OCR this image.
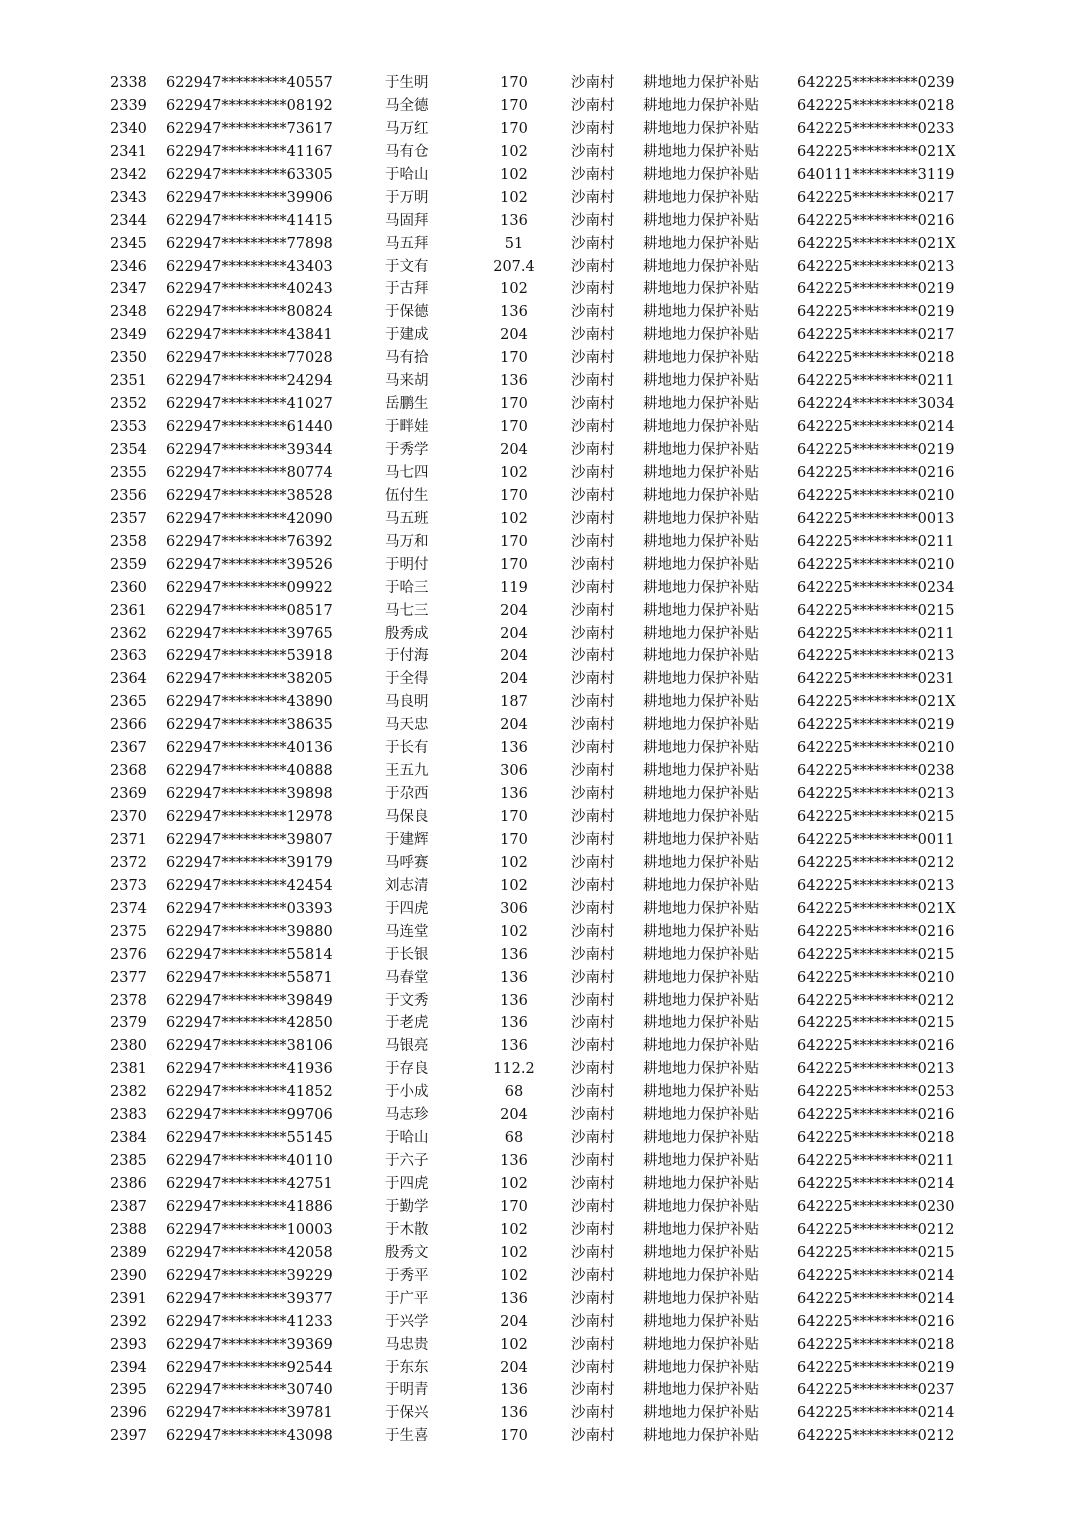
2338 622947*********40557	于生明	170	沙南村 耕地地力保护补贴	642225*********0239
2339 622947*********08192	马全德	170	沙南村 耕地地力保护补贴	642225*********0218
2340 622947*********73617	马万红	170	沙南村 耕地地力保护补贴	642225*********0233
2341 622947*********41167	马有仓	102	沙南村 耕地地力保护补贴	642225*********021X
2342 622947*********63305	于哈山	102	沙南村 耕地地力保护补贴	640111*********3119
2343 622947*********39906	于万明	102	沙南村 耕地地力保护补贴	642225*********0217
2344 622947*********41415	马固拜	136	沙南村 耕地地力保护补贴	642225*********0216
2345 622947*********77898	马五拜	51	沙南村 耕地地力保护补贴	642225*********021X
2346 622947*********43403	于文有	207.4	沙南村 耕地地力保护补贴	642225*********0213
2347 622947*********40243	于古拜	102	沙南村 耕地地力保护补贴	642225*********0219
2348 622947*********80824	于保德	136	沙南村 耕地地力保护补贴	642225*********0219
2349 622947*********43841	于建成	204	沙南村 耕地地力保护补贴	642225*********0217
2350 622947*********77028	马有拾	170	沙南村 耕地地力保护补贴	642225*********0218
2351 622947*********24294	马来胡	136	沙南村 耕地地力保护补贴	642225*********0211
2352 622947*********41027	岳鹏生	170	沙南村 耕地地力保护补贴	642224*********3034
2353 622947*********61440	于畔娃	170	沙南村 耕地地力保护补贴	642225*********0214
2354 622947*********39344	于秀学	204	沙南村 耕地地力保护补贴	642225*********0219
2355 622947*********80774	马七四	102	沙南村 耕地地力保护补贴	642225*********0216
2356 622947*********38528	伍付生	170	沙南村 耕地地力保护补贴	642225*********0210
2357 622947*********42090	马五班	102	沙南村 耕地地力保护补贴	642225*********0013
2358 622947*********76392	马万和	170	沙南村 耕地地力保护补贴	642225*********0211
2359 622947*********39526	于明付	170	沙南村 耕地地力保护补贴	642225*********0210
2360 622947*********09922	于哈三	119	沙南村 耕地地力保护补贴	642225*********0234
2361 622947*********08517	马七三	204	沙南村 耕地地力保护补贴	642225*********0215
2362 622947*********39765	殷秀成	204	沙南村 耕地地力保护补贴	642225*********0211
2363 622947*********53918	于付海	204	沙南村 耕地地力保护补贴	642225*********0213
2364 622947*********38205	于全得	204	沙南村 耕地地力保护补贴	642225*********0231
2365 622947*********43890	马良明	187	沙南村 耕地地力保护补贴	642225*********021X
2366 622947*********38635	马天忠	204	沙南村 耕地地力保护补贴	642225*********0219
2367 622947*********40136	于长有	136	沙南村 耕地地力保护补贴	642225*********0210
2368 622947*********40888	王五九	306	沙南村 耕地地力保护补贴	642225*********0238
2369 622947*********39898	于尕西	136	沙南村 耕地地力保护补贴	642225*********0213
2370 622947*********12978	马保良	170	沙南村 耕地地力保护补贴	642225*********0215
2371 622947*********39807	于建辉	170	沙南村 耕地地力保护补贴	642225*********0011
2372 622947*********39179	马呼赛	102	沙南村 耕地地力保护补贴	642225*********0212
2373 622947*********42454	刘志清	102	沙南村 耕地地力保护补贴	642225*********0213
2374 622947*********03393	于四虎	306	沙南村 耕地地力保护补贴	642225*********021X
2375 622947*********39880	马连堂	102	沙南村 耕地地力保护补贴	642225*********0216
2376 622947*********55814	于长银	136	沙南村 耕地地力保护补贴	642225*********0215
2377 622947*********55871	马春堂	136	沙南村 耕地地力保护补贴	642225*********0210
2378 622947*********39849	于文秀	136	沙南村 耕地地力保护补贴	642225*********0212
2379 622947*********42850	于老虎	136	沙南村 耕地地力保护补贴	642225*********0215
2380 622947*********38106	马银亮	136	沙南村 耕地地力保护补贴	642225*********0216
2381 622947*********41936	于存良	112.2	沙南村 耕地地力保护补贴	642225*********0213
2382 622947*********41852	于小成	68	沙南村 耕地地力保护补贴	642225*********0253
2383 622947*********99706	马志珍	204	沙南村 耕地地力保护补贴	642225*********0216
2384 622947*********55145	于哈山	68	沙南村 耕地地力保护补贴	642225*********0218
2385 622947*********40110	于六子	136	沙南村 耕地地力保护补贴	642225*********0211
2386 622947*********42751	于四虎	102	沙南村 耕地地力保护补贴	642225*********0214
2387 622947*********41886	于勤学	170	沙南村 耕地地力保护补贴	642225*********0230
2388 622947*********10003	于木散	102	沙南村 耕地地力保护补贴	642225*********0212
2389 622947*********42058	殷秀文	102	沙南村 耕地地力保护补贴	642225*********0215
2390 622947*********39229	于秀平	102	沙南村 耕地地力保护补贴	642225*********0214
2391 622947*********39377	于广平	136	沙南村 耕地地力保护补贴	642225*********0214
2392 622947*********41233	于兴学	204	沙南村 耕地地力保护补贴	642225*********0216
2393 622947*********39369	马忠贵	102	沙南村 耕地地力保护补贴	642225*********0218
2394 622947*********92544	于东东	204	沙南村 耕地地力保护补贴	642225*********0219
2395 622947*********30740	于明青	136	沙南村 耕地地力保护补贴	642225*********0237
2396 622947*********39781	于保兴	136	沙南村 耕地地力保护补贴	642225*********0214
2397 622947*********43098	于生喜	170	沙南村 耕地地力保护补贴	642225*********0212
